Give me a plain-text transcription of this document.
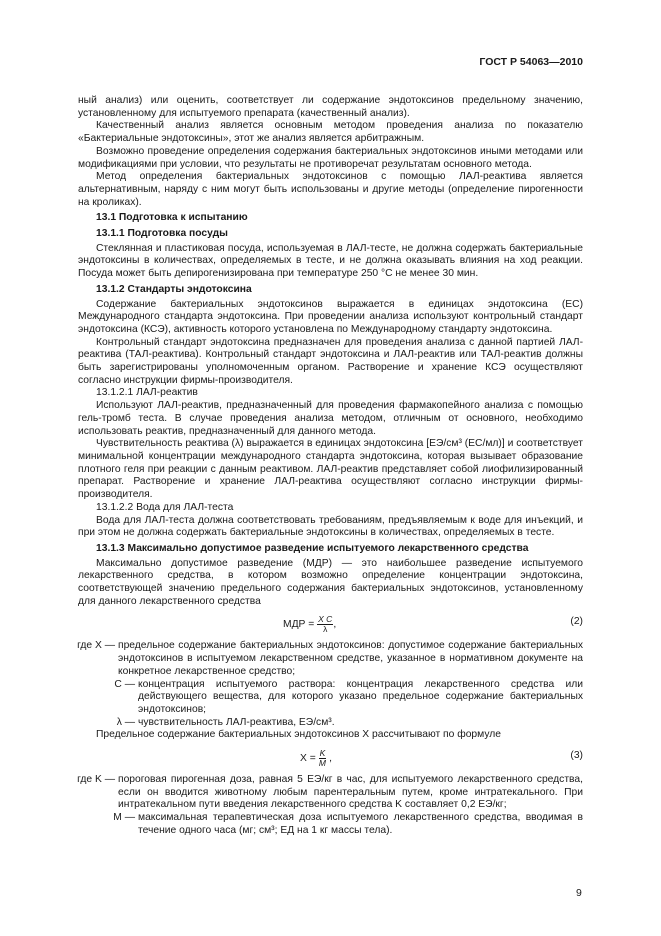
ГОСТ Р 54063—2010

ный анализ) или оценить, соответствует ли содержание эндотоксинов предельному значению, установленному для испытуемого препарата (качественный анализ).

Качественный анализ является основным методом проведения анализа по показателю «Бактериальные эндотоксины», этот же анализ является арбитражным.

Возможно проведение определения содержания бактериальных эндотоксинов иными методами или модификациями при условии, что результаты не противоречат результатам основного метода.

Метод определения бактериальных эндотоксинов с помощью ЛАЛ-реактива является альтернативным, наряду с ним могут быть использованы и другие методы (определение пирогенности на кроликах).

13.1 Подготовка к испытанию

13.1.1 Подготовка посуды

Стеклянная и пластиковая посуда, используемая в ЛАЛ-тесте, не должна содержать бактериальные эндотоксины в количествах, определяемых в тесте, и не должна оказывать влияния на ход реакции. Посуда может быть депирогенизирована при температуре 250 °С не менее 30 мин.

13.1.2 Стандарты эндотоксина

Содержание бактериальных эндотоксинов выражается в единицах эндотоксина (ЕС) Международного стандарта эндотоксина. При проведении анализа используют контрольный стандарт эндотоксина (КСЭ), активность которого установлена по Международному стандарту эндотоксина.

Контрольный стандарт эндотоксина предназначен для проведения анализа с данной партией ЛАЛ-реактива (ТАЛ-реактива). Контрольный стандарт эндотоксина и ЛАЛ-реактив или ТАЛ-реактив должны быть зарегистрированы уполномоченным органом. Растворение и хранение КСЭ осуществляют согласно инструкции фирмы-производителя.

13.1.2.1 ЛАЛ-реактив

Используют ЛАЛ-реактив, предназначенный для проведения фармакопейного анализа с помощью гель-тромб теста. В случае проведения анализа методом, отличным от основного, необходимо использовать реактив, предназначенный для данного метода.

Чувствительность реактива (λ) выражается в единицах эндотоксина [ЕЭ/см³ (ЕС/мл)] и соответствует минимальной концентрации международного стандарта эндотоксина, которая вызывает образование плотного геля при реакции с данным реактивом. ЛАЛ-реактив представляет собой лиофилизированный препарат. Растворение и хранение ЛАЛ-реактива осуществляют согласно инструкции фирмы-производителя.

13.1.2.2 Вода для ЛАЛ-теста

Вода для ЛАЛ-теста должна соответствовать требованиям, предъявляемым к воде для инъекций, и при этом не должна содержать бактериальные эндотоксины в количествах, определяемых в тесте.

13.1.3 Максимально допустимое разведение испытуемого лекарственного средства

Максимально допустимое разведение (МДР) — это наибольшее разведение испытуемого лекарственного средства, в котором возможно определение концентрации эндотоксина, соответствующей значению предельного содержания бактериальных эндотоксинов, установленному для данного лекарственного средства

МДР = $\frac{\text{X C}}{\lambda}$ ,	(2)
где X — предельное содержание бактериальных эндотоксинов: допустимое содержание бактериальных эндотоксинов в испытуемом лекарственном средстве, указанное в нормативном документе на конкретное лекарственное средство;
C — концентрация испытуемого раствора: концентрация лекарственного средства или действующего вещества, для которого указано предельное содержание бактериальных эндотоксинов;
λ — чувствительность ЛАЛ-реактива, ЕЭ/см³.

Предельное содержание бактериальных эндотоксинов X рассчитывают по формуле

$X = \frac{K}{M}$ ,	(3)
где K — пороговая пирогенная доза, равная 5 ЕЭ/кг в час, для испытуемого лекарственного средства, если он вводится животному любым парентеральным путем, кроме интратекального. При интратекальном пути введения лекарственного средства K составляет 0,2 ЕЭ/кг;
M — максимальная терапевтическая доза испытуемого лекарственного средства, вводимая в течение одного часа (мг; см³; ЕД на 1 кг массы тела).
9
